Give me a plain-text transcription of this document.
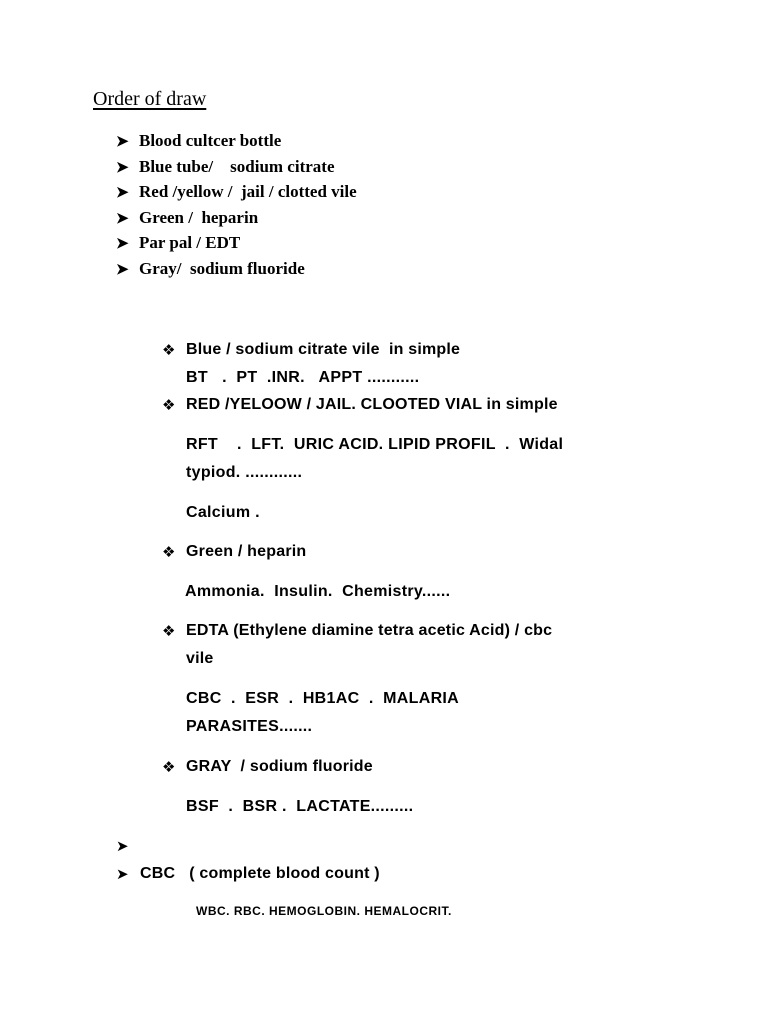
Order of draw
➤ Blood cultcer bottle
➤ Blue tube/    sodium citrate
➤ Red /yellow /  jail / clotted vile
➤ Green /  heparin
➤ Par pal / EDT
➤ Gray/  sodium fluoride
❖ Blue / sodium citrate vile  in simple
BT   .  PT  .INR.   APPT ...........
❖ RED /YELOOW / JAIL. CLOOTED VIAL in simple
RFT    .  LFT.  URIC ACID. LIPID PROFIL  .  Widal
typiod. ............
Calcium .
❖ Green / heparin
Ammonia.  Insulin.  Chemistry......
❖ EDTA (Ethylene diamine tetra acetic Acid) / cbc
vile
CBC  .  ESR  .  HB1AC  .  MALARIA
PARASITES.......
❖ GRAY  / sodium fluoride
BSF  .  BSR .  LACTATE.........
➤
➤ CBC   ( complete blood count )
WBC. RBC. HEMOGLOBIN. HEMALOCRIT.
